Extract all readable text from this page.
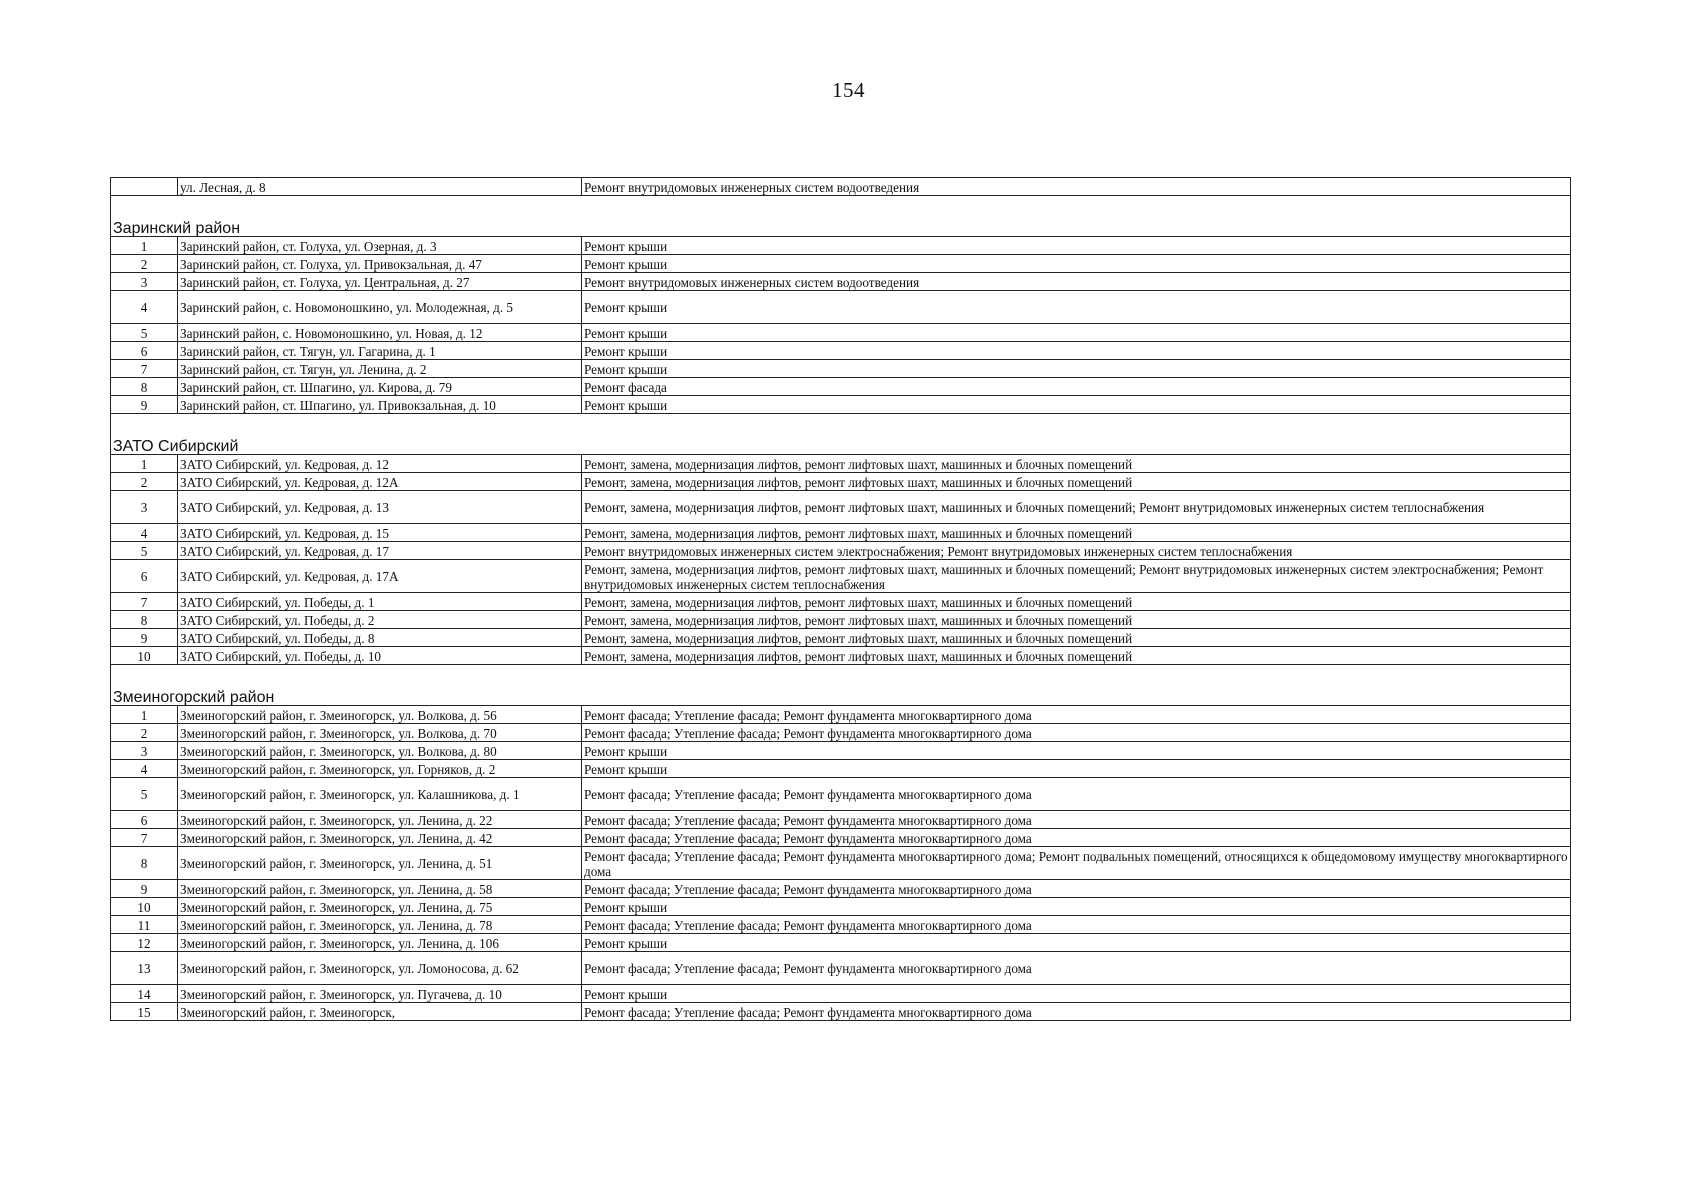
154
	ул. Лесная, д. 8	Ремонт внутридомовых инженерных систем водоотведения

Заринский район		
1	Заринский район, ст. Голуха, ул. Озерная, д. 3	Ремонт крыши
2	Заринский район, ст. Голуха, ул. Привокзальная, д. 47	Ремонт крыши
3	Заринский район, ст. Голуха, ул. Центральная, д. 27	Ремонт внутридомовых инженерных систем водоотведения
4	Заринский район, с. Новомоношкино, ул. Молодежная, д. 5	Ремонт крыши
5	Заринский район, с. Новомоношкино, ул. Новая, д. 12	Ремонт крыши
6	Заринский район, ст. Тягун, ул. Гагарина, д. 1	Ремонт крыши
7	Заринский район, ст. Тягун, ул. Ленина, д. 2	Ремонт крыши
8	Заринский район, ст. Шпагино, ул. Кирова, д. 79	Ремонт фасада
9	Заринский район, ст. Шпагино, ул. Привокзальная, д. 10	Ремонт крыши

ЗАТО Сибирский		
1	ЗАТО Сибирский, ул. Кедровая, д. 12	Ремонт, замена, модернизация лифтов, ремонт лифтовых шахт, машинных и блочных помещений
2	ЗАТО Сибирский, ул. Кедровая, д. 12А	Ремонт, замена, модернизация лифтов, ремонт лифтовых шахт, машинных и блочных помещений
3	ЗАТО Сибирский, ул. Кедровая, д. 13	Ремонт, замена, модернизация лифтов, ремонт лифтовых шахт, машинных и блочных помещений; Ремонт внутридомовых инженерных систем теплоснабжения
4	ЗАТО Сибирский, ул. Кедровая, д. 15	Ремонт, замена, модернизация лифтов, ремонт лифтовых шахт, машинных и блочных помещений
5	ЗАТО Сибирский, ул. Кедровая, д. 17	Ремонт внутридомовых инженерных систем электроснабжения; Ремонт внутридомовых инженерных систем теплоснабжения
6	ЗАТО Сибирский, ул. Кедровая, д. 17А	Ремонт, замена, модернизация лифтов, ремонт лифтовых шахт, машинных и блочных помещений; Ремонт внутридомовых инженерных систем электроснабжения; Ремонт внутридомовых инженерных систем теплоснабжения
7	ЗАТО Сибирский, ул. Победы, д. 1	Ремонт, замена, модернизация лифтов, ремонт лифтовых шахт, машинных и блочных помещений
8	ЗАТО Сибирский, ул. Победы, д. 2	Ремонт, замена, модернизация лифтов, ремонт лифтовых шахт, машинных и блочных помещений
9	ЗАТО Сибирский, ул. Победы, д. 8	Ремонт, замена, модернизация лифтов, ремонт лифтовых шахт, машинных и блочных помещений
10	ЗАТО Сибирский, ул. Победы, д. 10	Ремонт, замена, модернизация лифтов, ремонт лифтовых шахт, машинных и блочных помещений

Змеиногорский район		
1	Змеиногорский район, г. Змеиногорск, ул. Волкова, д. 56	Ремонт фасада; Утепление фасада; Ремонт фундамента многоквартирного дома
2	Змеиногорский район, г. Змеиногорск, ул. Волкова, д. 70	Ремонт фасада; Утепление фасада; Ремонт фундамента многоквартирного дома
3	Змеиногорский район, г. Змеиногорск, ул. Волкова, д. 80	Ремонт крыши
4	Змеиногорский район, г. Змеиногорск, ул. Горняков, д. 2	Ремонт крыши
5	Змеиногорский район, г. Змеиногорск, ул. Калашникова, д. 1	Ремонт фасада; Утепление фасада; Ремонт фундамента многоквартирного дома
6	Змеиногорский район, г. Змеиногорск, ул. Ленина, д. 22	Ремонт фасада; Утепление фасада; Ремонт фундамента многоквартирного дома
7	Змеиногорский район, г. Змеиногорск, ул. Ленина, д. 42	Ремонт фасада; Утепление фасада; Ремонт фундамента многоквартирного дома
8	Змеиногорский район, г. Змеиногорск, ул. Ленина, д. 51	Ремонт фасада; Утепление фасада; Ремонт фундамента многоквартирного дома; Ремонт подвальных помещений, относящихся к общедомовому имуществу многоквартирного дома
9	Змеиногорский район, г. Змеиногорск, ул. Ленина, д. 58	Ремонт фасада; Утепление фасада; Ремонт фундамента многоквартирного дома
10	Змеиногорский район, г. Змеиногорск, ул. Ленина, д. 75	Ремонт крыши
11	Змеиногорский район, г. Змеиногорск, ул. Ленина, д. 78	Ремонт фасада; Утепление фасада; Ремонт фундамента многоквартирного дома
12	Змеиногорский район, г. Змеиногорск, ул. Ленина, д. 106	Ремонт крыши
13	Змеиногорский район, г. Змеиногорск, ул. Ломоносова, д. 62	Ремонт фасада; Утепление фасада; Ремонт фундамента многоквартирного дома
14	Змеиногорский район, г. Змеиногорск, ул. Пугачева, д. 10	Ремонт крыши
15	Змеиногорский район, г. Змеиногорск,	Ремонт фасада; Утепление фасада; Ремонт фундамента многоквартирного дома
